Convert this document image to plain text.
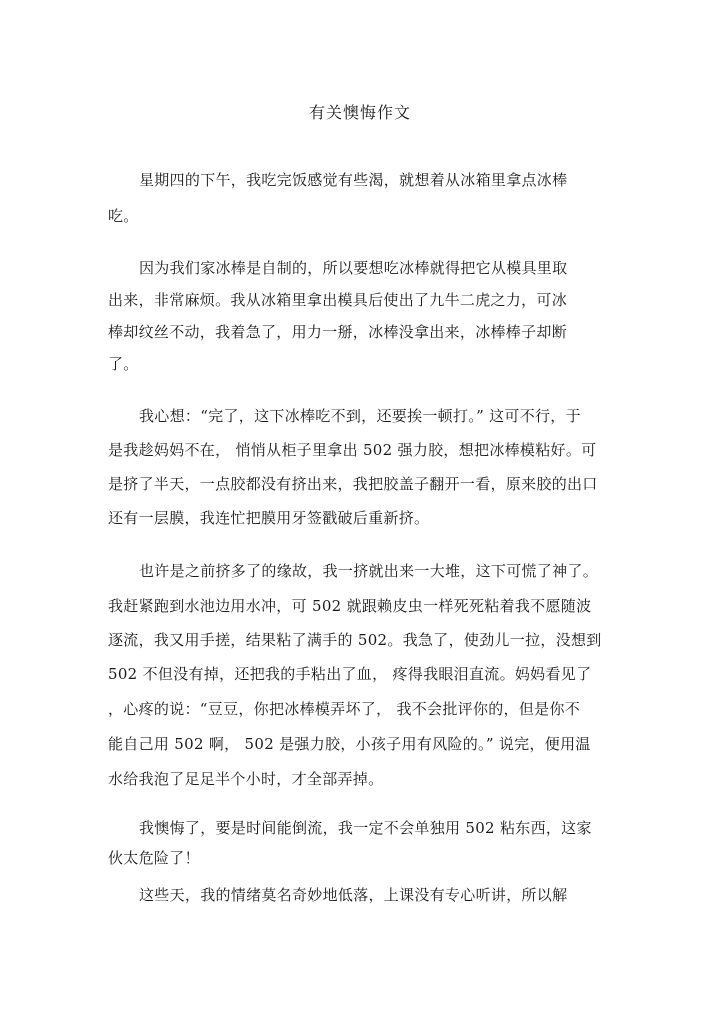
有关懊悔作文
星期四的下午，我吃完饭感觉有些渴，就想着从冰箱里拿点冰棒
吃。
因为我们家冰棒是自制的，所以要想吃冰棒就得把它从模具里取
出来，非常麻烦。我从冰箱里拿出模具后使出了九牛二虎之力，可冰
棒却纹丝不动，我着急了，用力一掰，冰棒没拿出来，冰棒棒子却断
了。
我心想：“完了，这下冰棒吃不到，还要挨一顿打。” 这可不行，于
是我趁妈妈不在， 悄悄从柜子里拿出 502 强力胶，想把冰棒模粘好。可
是挤了半天，一点胶都没有挤出来，我把胶盖子翻开一看，原来胶的出口
还有一层膜，我连忙把膜用牙签戳破后重新挤。
也许是之前挤多了的缘故，我一挤就出来一大堆，这下可慌了神了。
我赶紧跑到水池边用水冲，可 502 就跟赖皮虫一样死死粘着我不愿随波
逐流，我又用手搓，结果粘了满手的 502。我急了，使劲儿一拉，没想到
502 不但没有掉，还把我的手粘出了血， 疼得我眼泪直流。妈妈看见了
，心疼的说：“豆豆，你把冰棒模弄坏了， 我不会批评你的，但是你不
能自己用 502 啊， 502 是强力胶，小孩子用有风险的。” 说完，便用温
水给我泡了足足半个小时，才全部弄掉。
我懊悔了，要是时间能倒流，我一定不会单独用 502 粘东西，这家
伙太危险了！
这些天，我的情绪莫名奇妙地低落，上课没有专心听讲，所以解
